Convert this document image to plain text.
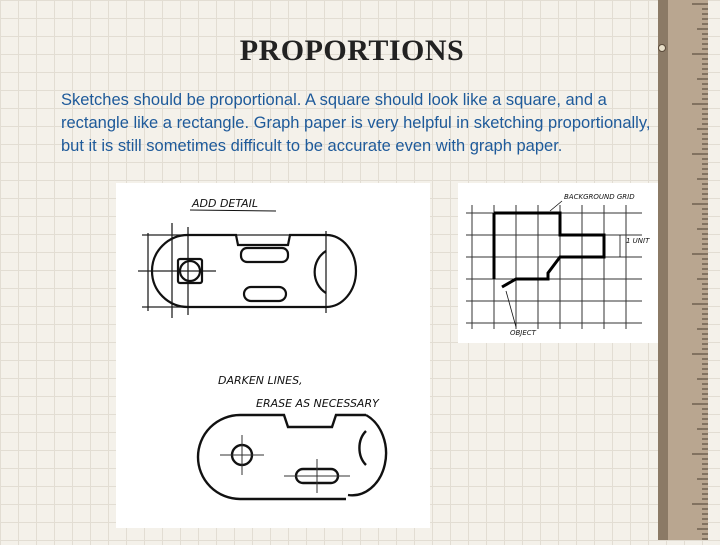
PROPORTIONS

Sketches should be proportional. A square should look like a square, and a rectangle like a rectangle. Graph paper is very helpful in sketching proportionally, but it is still sometimes difficult to be accurate even with graph paper.

ADD DETAIL
DARKEN LINES,
ERASE AS NECESSARY
BACKGROUND GRID
1 UNIT
OBJECT
